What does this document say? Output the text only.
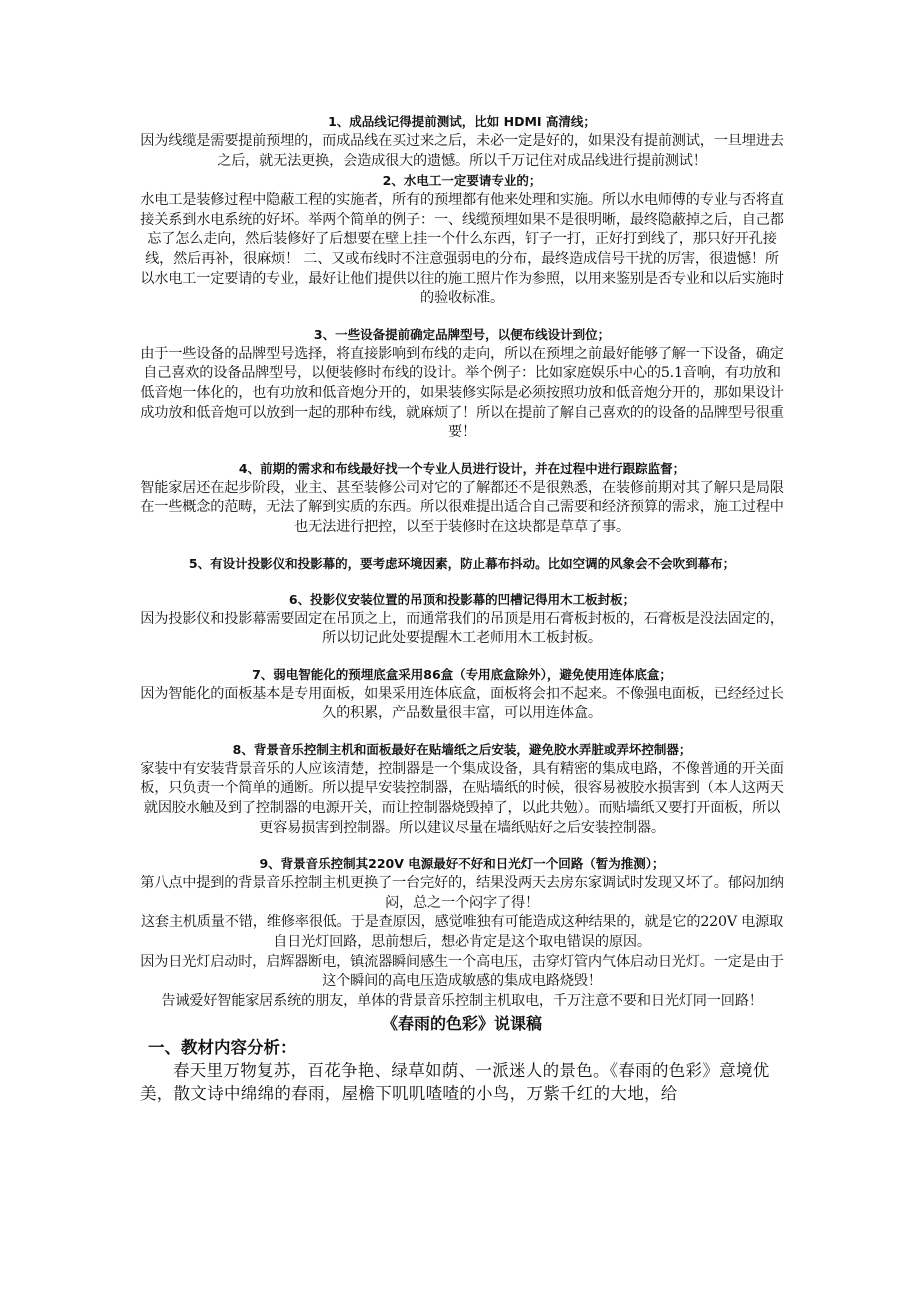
1、成品线记得提前测试，比如 HDMI 高清线；

因为线缆是需要提前预埋的，而成品线在买过来之后，未必一定是好的，如果没有提前测试，一旦埋进去之后，就无法更换，会造成很大的遗憾。所以千万记住对成品线进行提前测试！

2、水电工一定要请专业的；

水电工是装修过程中隐蔽工程的实施者，所有的预埋都有他来处理和实施。所以水电师傅的专业与否将直接关系到水电系统的好坏。举两个简单的例子：一、线缆预埋如果不是很明晰，最终隐蔽掉之后，自己都忘了怎么走向，然后装修好了后想要在壁上挂一个什么东西，钉子一打，正好打到线了，那只好开孔接线，然后再补，很麻烦！ 二、又或布线时不注意强弱电的分布，最终造成信号干扰的厉害，很遗憾！所以水电工一定要请的专业，最好让他们提供以往的施工照片作为参照，以用来鉴别是否专业和以后实施时的验收标准。

3、一些设备提前确定品牌型号，以便布线设计到位；

由于一些设备的品牌型号选择，将直接影响到布线的走向，所以在预埋之前最好能够了解一下设备，确定自己喜欢的设备品牌型号，以便装修时布线的设计。举个例子：比如家庭娱乐中心的5.1音响，有功放和低音炮一体化的，也有功放和低音炮分开的，如果装修实际是必须按照功放和低音炮分开的，那如果设计成功放和低音炮可以放到一起的那种布线，就麻烦了！所以在提前了解自己喜欢的的设备的品牌型号很重要！

4、前期的需求和布线最好找一个专业人员进行设计，并在过程中进行跟踪监督；

智能家居还在起步阶段，业主、甚至装修公司对它的了解都还不是很熟悉，在装修前期对其了解只是局限在一些概念的范畴，无法了解到实质的东西。所以很难提出适合自己需要和经济预算的需求，施工过程中也无法进行把控，以至于装修时在这块都是草草了事。

5、有设计投影仪和投影幕的，要考虑环境因素，防止幕布抖动。比如空调的风象会不会吹到幕布；

6、投影仪安装位置的吊顶和投影幕的凹槽记得用木工板封板；

因为投影仪和投影幕需要固定在吊顶之上，而通常我们的吊顶是用石膏板封板的，石膏板是没法固定的，所以切记此处要提醒木工老师用木工板封板。

7、弱电智能化的预埋底盒采用86盒（专用底盒除外），避免使用连体底盒；

因为智能化的面板基本是专用面板，如果采用连体底盒，面板将会扣不起来。不像强电面板，已经经过长久的积累，产品数量很丰富，可以用连体盒。

8、背景音乐控制主机和面板最好在贴墙纸之后安装，避免胶水弄脏或弄坏控制器；

家装中有安装背景音乐的人应该清楚，控制器是一个集成设备，具有精密的集成电路，不像普通的开关面板，只负责一个简单的通断。所以提早安装控制器，在贴墙纸的时候，很容易被胶水损害到（本人这两天就因胶水触及到了控制器的电源开关，而让控制器烧毁掉了，以此共勉）。而贴墙纸又要打开面板，所以更容易损害到控制器。所以建议尽量在墙纸贴好之后安装控制器。

9、背景音乐控制其220V 电源最好不好和日光灯一个回路（暂为推测）；

第八点中提到的背景音乐控制主机更换了一台完好的，结果没两天去房东家调试时发现又坏了。郁闷加纳闷，总之一个闷字了得！
这套主机质量不错，维修率很低。于是查原因，感觉唯独有可能造成这种结果的，就是它的220V 电源取自日光灯回路，思前想后，想必肯定是这个取电错误的原因。
因为日光灯启动时，启辉器断电，镇流器瞬间感生一个高电压，击穿灯管内气体启动日光灯。一定是由于这个瞬间的高电压造成敏感的集成电路烧毁！
告诫爱好智能家居系统的朋友，单体的背景音乐控制主机取电，千万注意不要和日光灯同一回路！

《春雨的色彩》说课稿

一、教材内容分析：

春天里万物复苏，百花争艳、绿草如荫、一派迷人的景色。《春雨的色彩》意境优美，散文诗中绵绵的春雨，屋檐下叽叽喳喳的小鸟，万紫千红的大地，给
